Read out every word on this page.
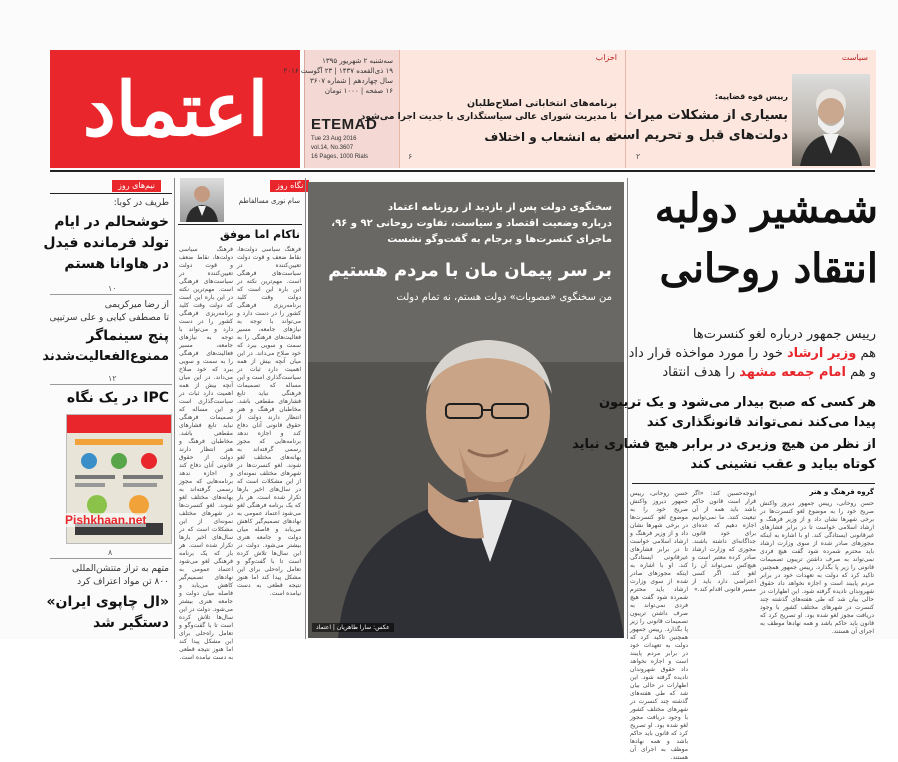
اعتماد
سه‌شنبه ۲ شهریور ۱۳۹۵
۱۹ ذی‌القعده ۱۴۳۷ | ۲۳ آگوست ۲۰۱۶
سال چهاردهم | شماره ۳۶۰۷
۱۶ صفحه | ۱۰۰۰ تومان
ETEMAD
Tue 23 Aug 2016
vol.14, No.3607
16 Pages, 1000 Rials
احزاب
برنامه‌های انتخاباتی اصلاح‌طلبان
با مدیریت شورای عالی سیاستگذاری با جدیت اجرا می‌شود
نه به انشعاب و اختلاف
۶
سیاست
رییس قوه قضاییه:
بسیاری از مشکلات میراث
دولت‌های قبل و تحریم است
۲
نیم‌های روز
طریف در کوبا:
خوشحالم در ایام
تولد فرمانده فیدل
در هاوانا هستم
۱۰
از رضا میرکریمی
تا مصطفی کیایی و علی سرتیپی
پنج سینماگر
ممنوع‌الفعالیت‌شدند
۱۲
IPC در یک نگاه
Pishkhaan.net
۸
متهم به تراز متتشن‌المللی
۸۰۰ تن مواد اعتراف کرد
«ال چاپوی ایران»
دستگیر شد
نگاه روز
سام نوری مسالفاطم
ناکام اما موفق
فرهنگ سیاسی دولت‌ها، نقاط ضعف و قوت دولت تعیین‌کننده در سیاست‌های فرهنگی است. مهم‌ترین نکته در این باره این است که دولت وقت کلید برنامه‌ریزی فرهنگی کشور را در دست دارد و می‌تواند با توجه به نیازهای جامعه، مسیر فعالیت‌های فرهنگی را به سمت و سویی ببرد که خود صلاح می‌داند. در این میان آنچه بیش از همه اهمیت دارد ثبات در سیاست‌گذاری است و این مساله که تصمیمات فرهنگی نباید تابع فشارهای مقطعی باشد. مخاطبان فرهنگ و هنر انتظار دارند دولت از حقوق قانونی آنان دفاع کند و اجازه ندهد برنامه‌هایی که مجوز رسمی گرفته‌اند به بهانه‌های مختلف لغو شوند. لغو کنسرت‌ها در شهرهای مختلف نمونه‌ای از این مشکلات است که در سال‌های اخیر بارها تکرار شده است. هر بار که یک برنامه فرهنگی لغو می‌شود اعتماد عمومی به نهادهای تصمیم‌گیر کاهش می‌یابد و فاصله میان دولت و جامعه هنری بیشتر می‌شود. دولت در این سال‌ها تلاش کرده است تا با گفت‌وگو و تعامل راه‌حلی برای این مشکل پیدا کند اما هنوز نتیجه قطعی به دست نیامده است.
فرهنگ سیاسی دولت‌ها، نقاط ضعف و قوت دولت تعیین‌کننده در سیاست‌های فرهنگی است. مهم‌ترین نکته در این باره این است که دولت وقت کلید برنامه‌ریزی فرهنگی کشور را در دست دارد و می‌تواند با توجه به نیازهای جامعه، مسیر فعالیت‌های فرهنگی را به سمت و سویی ببرد که خود صلاح می‌داند. در این میان آنچه بیش از همه اهمیت دارد ثبات در سیاست‌گذاری است و این مساله که تصمیمات فرهنگی نباید تابع فشارهای مقطعی باشد. مخاطبان فرهنگ و هنر انتظار دارند دولت از حقوق قانونی آنان دفاع کند و اجازه ندهد برنامه‌هایی که مجوز رسمی گرفته‌اند به بهانه‌های مختلف لغو شوند. لغو کنسرت‌ها در شهرهای مختلف نمونه‌ای از این مشکلات است که در سال‌های اخیر بارها تکرار شده است. هر بار که یک برنامه فرهنگی لغو می‌شود اعتماد عمومی به نهادهای تصمیم‌گیر کاهش می‌یابد و فاصله میان دولت و جامعه هنری بیشتر می‌شود. دولت در این سال‌ها تلاش کرده است تا با گفت‌وگو و تعامل راه‌حلی برای این مشکل پیدا کند اما هنوز نتیجه قطعی به دست نیامده است.
سخنگوی دولت پس از بازدید از روزنامه اعتماد
درباره وضعیت اقتصاد و سیاست، تفاوت روحانی ۹۲ و ۹۶،
ماجرای کنسرت‌ها و برجام به گفت‌وگو نشست
بر سر پیمان مان با مردم هستیم
من سخنگوی «مصوبات» دولت هستم، نه تمام دولت
عکس: سارا طاهریان | اعتماد
شمشیر دولبه
انتقاد روحانی
رییس جمهور درباره لغو کنسرت‌ها
هم وزیر ارشاد خود را مورد مواخذه قرار داد
و هم امام جمعه مشهد را هدف انتقاد
هر کسی که صبح بیدار می‌شود و یک تریبون
پیدا می‌کند نمی‌تواند قانونگذاری کند
از نظر من هیچ وزیری در برابر هیچ فشاری نباید
کوتاه بیاید و عقب نشینی کند
گروه فرهنگ و هنر
حسن روحانی، رییس جمهور دیروز واکنش صریح خود را به موضوع لغو کنسرت‌ها در برخی شهرها نشان داد و از وزیر فرهنگ و ارشاد اسلامی خواست تا در برابر فشارهای غیرقانونی ایستادگی کند. او با اشاره به اینکه مجوزهای صادر شده از سوی وزارت ارشاد باید محترم شمرده شود گفت هیچ فردی نمی‌تواند به صرف داشتن تریبون تصمیمات قانونی را زیر پا بگذارد. رییس جمهور همچنین تاکید کرد که دولت به تعهدات خود در برابر مردم پایبند است و اجازه نخواهد داد حقوق شهروندان نادیده گرفته شود. این اظهارات در حالی بیان شد که طی هفته‌های گذشته چند کنسرت در شهرهای مختلف کشور با وجود دریافت مجوز لغو شده بود. او تصریح کرد که قانون باید حاکم باشد و همه نهادها موظف به اجرای آن هستند.
ایوجه‌حسین کند: «اگر قرار است قانون حاکم باشد باید همه از آن تبعیت کنند. ما نمی‌توانیم اجازه دهیم که عده‌ای برای خود قانون جداگانه‌ای داشته باشند. مجوزی که وزارت ارشاد صادر کرده معتبر است و هیچ‌کس نمی‌تواند آن را لغو کند. اگر کسی اعتراضی دارد باید از مسیر قانونی اقدام کند.»
حسن روحانی، رییس جمهور دیروز واکنش صریح خود را به موضوع لغو کنسرت‌ها در برخی شهرها نشان داد و از وزیر فرهنگ و ارشاد اسلامی خواست تا در برابر فشارهای غیرقانونی ایستادگی کند. او با اشاره به اینکه مجوزهای صادر شده از سوی وزارت ارشاد باید محترم شمرده شود گفت هیچ فردی نمی‌تواند به صرف داشتن تریبون تصمیمات قانونی را زیر پا بگذارد. رییس جمهور همچنین تاکید کرد که دولت به تعهدات خود در برابر مردم پایبند است و اجازه نخواهد داد حقوق شهروندان نادیده گرفته شود. این اظهارات در حالی بیان شد که طی هفته‌های گذشته چند کنسرت در شهرهای مختلف کشور با وجود دریافت مجوز لغو شده بود. او تصریح کرد که قانون باید حاکم باشد و همه نهادها موظف به اجرای آن هستند.
